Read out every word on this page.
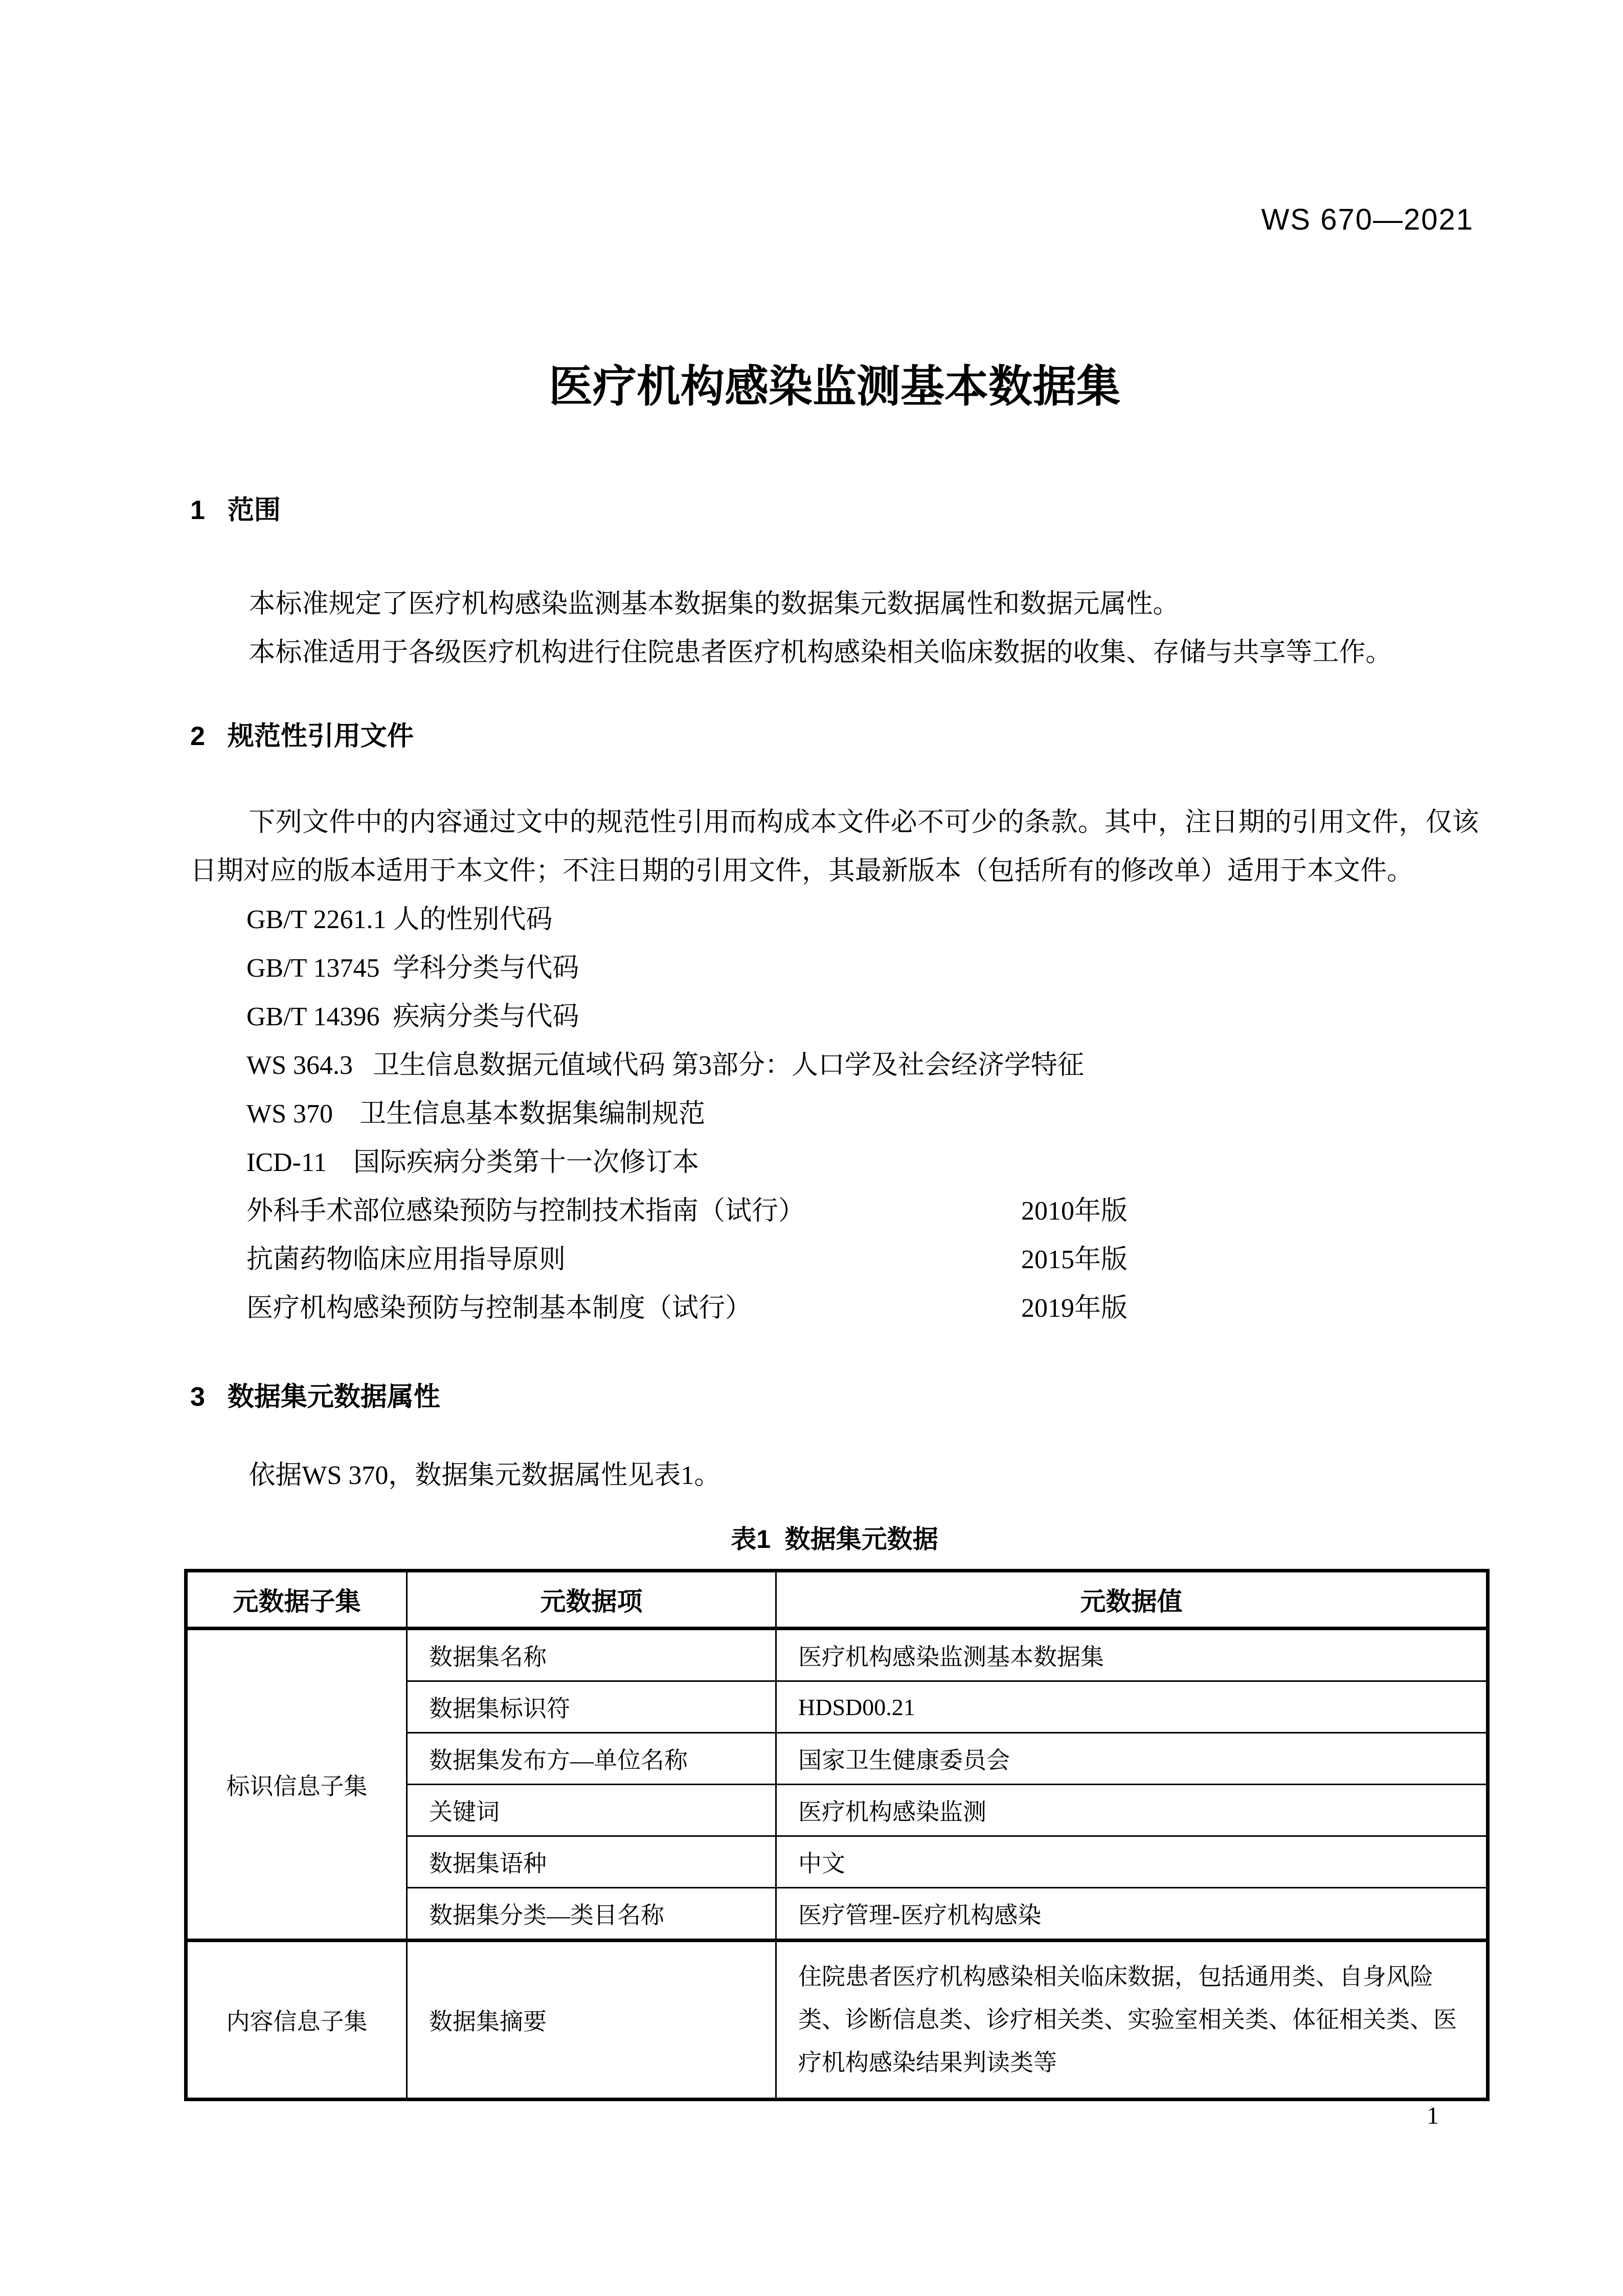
WS 670—2021
医疗机构感染监测基本数据集
1 范围

本标准规定了医疗机构感染监测基本数据集的数据集元数据属性和数据元属性。

本标准适用于各级医疗机构进行住院患者医疗机构感染相关临床数据的收集、存储与共享等工作。

2 规范性引用文件

下列文件中的内容通过文中的规范性引用而构成本文件必不可少的条款。其中，注日期的引用文件，仅该日期对应的版本适用于本文件；不注日期的引用文件，其最新版本（包括所有的修改单）适用于本文件。

GB/T 2261.1 人的性别代码
GB/T 13745  学科分类与代码
GB/T 14396  疾病分类与代码
WS 364.3   卫生信息数据元值域代码 第3部分：人口学及社会经济学特征
WS 370    卫生信息基本数据集编制规范
ICD-11    国际疾病分类第十一次修订本
外科手术部位感染预防与控制技术指南（试行）	2010年版
抗菌药物临床应用指导原则	2015年版
医疗机构感染预防与控制基本制度（试行）	2019年版
3 数据集元数据属性

依据WS 370，数据集元数据属性见表1。

表1  数据集元数据
元数据子集	元数据项	元数据值
标识信息子集	数据集名称	医疗机构感染监测基本数据集
	数据集标识符	HDSD00.21
	数据集发布方—单位名称	国家卫生健康委员会
	关键词	医疗机构感染监测
	数据集语种	中文
	数据集分类—类目名称	医疗管理-医疗机构感染
内容信息子集	数据集摘要	住院患者医疗机构感染相关临床数据，包括通用类、自身风险类、诊断信息类、诊疗相关类、实验室相关类、体征相关类、医疗机构感染结果判读类等
1
